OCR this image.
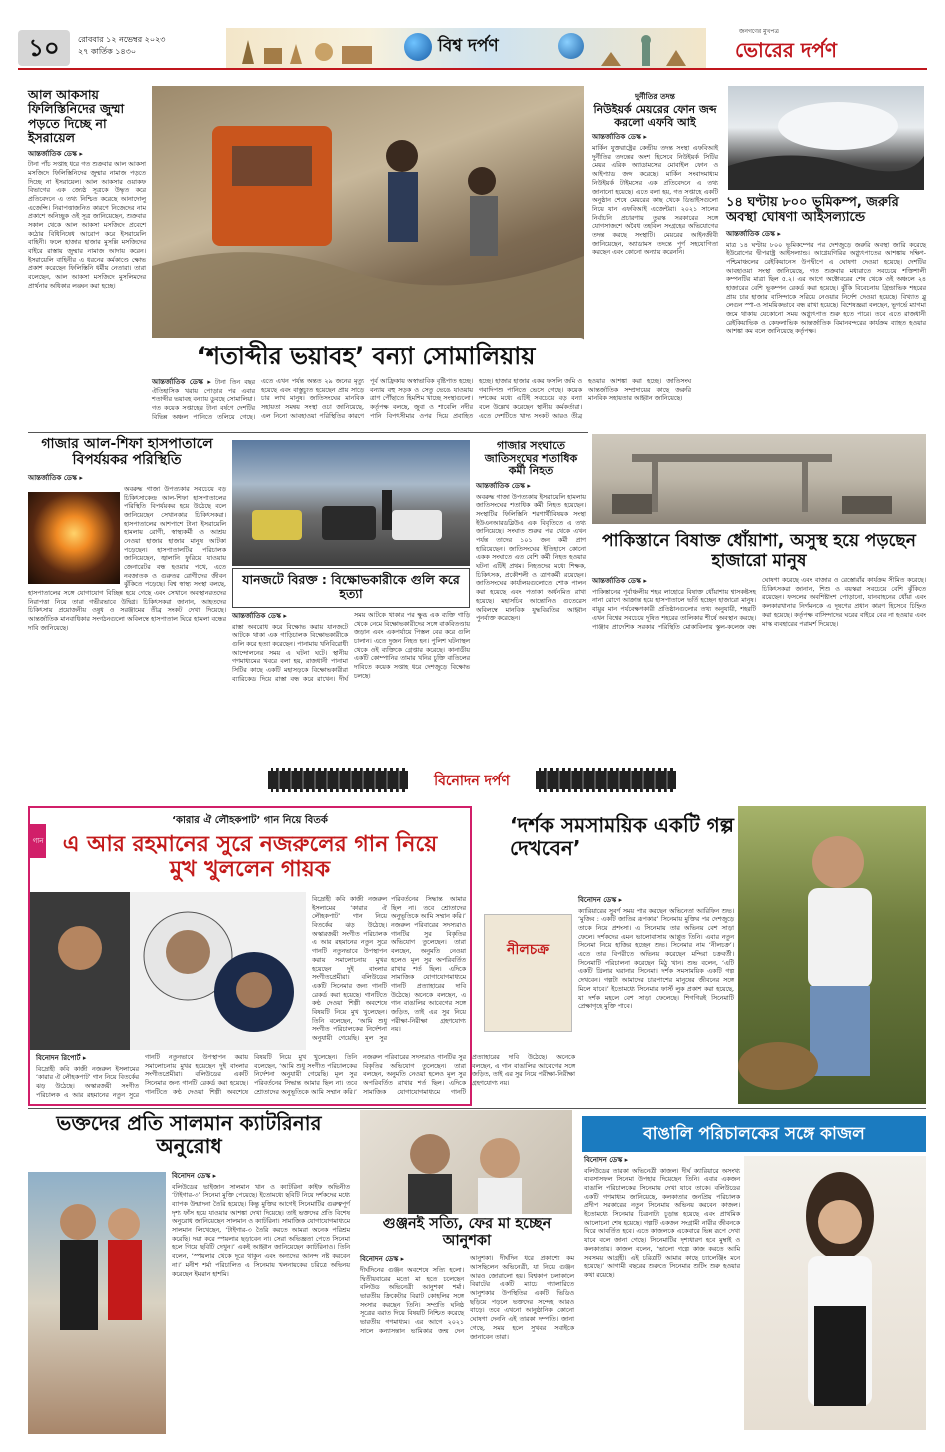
১০	রোববার ১২ নভেম্বর ২০২৩
২৭ কার্তিক ১৪৩০	বিশ্ব দর্পণ
জনগণের মুখপত্র
ভোরের দর্পণ
আল আকসায় ফিলিস্তিনিদের জুম্মা পড়তে দিচ্ছে না ইসরায়েল
আন্তর্জাতিক ডেস্ক ▸
টানা পাঁচ সপ্তাহ ধরে গত শুক্রবার আল আকসা মসজিদে ফিলিস্তিনিদের জুম্মার নামাজ পড়তে দিচ্ছে না ইসরায়েল। আল আকসার ওয়াকফ বিভাগের এক জ্যেষ্ঠ সূত্রকে উদ্ধৃত করে প্রতিবেদনে এ তথ্য নিশ্চিত করেছে আনাদোলু এজেন্সি। নিরাপত্তাজনিত কারণে নিজেদের নাম প্রকাশে অনিচ্ছুক ওই সূত্র জানিয়েছেন, শুক্রবার সকাল থেকে আল আকসা মসজিদে প্রবেশে কঠোর বিধিনিষেধ আরোপ করে ইসরায়েলি বাহিনী। ফলে হাজার হাজার মুসল্লি মসজিদের বাইরে রাস্তায় জুম্মার নামাজ আদায় করেন। ইসরায়েলি বাহিনীর এ ধরনের কর্মকাণ্ডে ক্ষোভ প্রকাশ করেছেন ফিলিস্তিনি ধর্মীয় নেতারা। তারা বলেছেন, আল আকসা মসজিদে মুসলিমদের প্রার্থনার অধিকার লঙ্ঘন করা হচ্ছে।
দুর্নীতির তদন্ত
নিউইয়র্ক মেয়রের ফোন জব্দ করলো এফবি আই
আন্তর্জাতিক ডেস্ক ▸
মার্কিন যুক্তরাষ্ট্রের কেন্দ্রীয় তদন্ত সংস্থা এফবিআই দুর্নীতির তদন্তের অংশ হিসেবে নিউইয়র্ক সিটির মেয়র এরিক অ্যাডামসের মোবাইল ফোন ও আইপ্যাড জব্দ করেছে। মার্কিন সংবাদমাধ্যম নিউইয়র্ক টাইমসের এক প্রতিবেদনে এ তথ্য জানানো হয়েছে। এতে বলা হয়, গত সপ্তাহে একটি অনুষ্ঠান শেষে মেয়রের কাছ থেকে ডিভাইসগুলো নিয়ে যান এফবিআই এজেন্টরা। ২০২১ সালের নির্বাচনি প্রচারণায় তুরস্ক সরকারের সঙ্গে যোগসাজশে অবৈধ তহবিল সংগ্রহের অভিযোগের তদন্ত করছে সংস্থাটি। মেয়রের আইনজীবী জানিয়েছেন, অ্যাডামস তদন্তে পূর্ণ সহযোগিতা করছেন এবং কোনো অন্যায় করেননি।
১৪ ঘণ্টায় ৮০০ ভূমিকম্প, জরুরি অবস্থা ঘোষণা আইসল্যান্ডে
আন্তর্জাতিক ডেস্ক ▸
মাত্র ১৪ ঘণ্টায় ৮০০ ভূমিকম্পের পর দেশজুড়ে জরুরি অবস্থা জারি করেছে ইউরোপের দ্বীপরাষ্ট্র আইসল্যান্ড। আগ্নেয়গিরির অগ্ন্যুৎপাতের আশঙ্কায় দক্ষিণ-পশ্চিমাঞ্চলের রেইকিয়ানেস উপদ্বীপে এ ঘোষণা দেওয়া হয়েছে। দেশটির আবহাওয়া সংস্থা জানিয়েছে, গত শুক্রবার মধ্যরাতে সবচেয়ে শক্তিশালী কম্পনটির মাত্রা ছিল ৫.২। এর আগে অক্টোবরের শেষ থেকে ওই অঞ্চলে ২৪ হাজারের বেশি ভূকম্পন রেকর্ড করা হয়েছে। ঝুঁকি বিবেচনায় গ্রিন্ডাভিক শহরের প্রায় চার হাজার বাসিন্দাকে সরিয়ে নেওয়ার নির্দেশ দেওয়া হয়েছে। বিখ্যাত ব্লু লেগুন স্পা-ও সাময়িকভাবে বন্ধ রাখা হয়েছে। বিশেষজ্ঞরা বলছেন, ভূগর্ভে ম্যাগমা জমে থাকায় যেকোনো সময় অগ্ন্যুৎপাত শুরু হতে পারে। তবে এতে রাজধানী রেইকিয়াভিক ও কেফলাভিক আন্তর্জাতিক বিমানবন্দরের কার্যক্রম ব্যাহত হওয়ার আশঙ্কা কম বলে জানিয়েছে কর্তৃপক্ষ।
‘শতাব্দীর ভয়াবহ’ বন্যা সোমালিয়ায়
আন্তর্জাতিক ডেস্ক ▸ টানা তিন বছর ঐতিহাসিক খরায় পোড়ার পর এবার শতাব্দীর ভয়াবহ বন্যায় ডুবছে সোমালিয়া। গত কয়েক সপ্তাহের টানা বর্ষণে দেশটির বিভিন্ন অঞ্চল পানিতে তলিয়ে গেছে। এতে এখন পর্যন্ত অন্তত ২৯ জনের মৃত্যু হয়েছে এবং বাস্তুচ্যুত হয়েছেন প্রায় সাড়ে চার লাখ মানুষ। জাতিসংঘের মানবিক সহায়তা সমন্বয় সংস্থা ওচা জানিয়েছে, এল নিনো আবহাওয়া পরিস্থিতির কারণে পূর্ব আফ্রিকায় অস্বাভাবিক বৃষ্টিপাত হচ্ছে। বন্যায় বহু সড়ক ও সেতু ভেঙে যাওয়ায় ত্রাণ পৌঁছাতে হিমশিম খাচ্ছে সংস্থাগুলো। কর্তৃপক্ষ বলছে, জুবা ও শাবেলি নদীর পানি বিপৎসীমার ওপর দিয়ে প্রবাহিত হচ্ছে। হাজার হাজার একর ফসলি জমি ও গবাদিপশু পানিতে ভেসে গেছে। কয়েক দশকের মধ্যে এটিই সবচেয়ে বড় বন্যা বলে উল্লেখ করেছেন স্থানীয় কর্মকর্তারা। এতে দেশটিতে খাদ্য সংকট আরও তীব্র হওয়ার আশঙ্কা করা হচ্ছে। জাতিসংঘ আন্তর্জাতিক সম্প্রদায়ের কাছে জরুরি মানবিক সহায়তার আহ্বান জানিয়েছে।
গাজার আল-শিফা হাসপাতালে বিপর্যয়কর পরিস্থিতি
আন্তর্জাতিক ডেস্ক ▸
অবরুদ্ধ গাজা উপত্যকার সবচেয়ে বড় চিকিৎসাকেন্দ্র আল-শিফা হাসপাতালের পরিস্থিতি বিপর্যয়কর হয়ে উঠেছে বলে জানিয়েছেন সেখানকার চিকিৎসকরা। হাসপাতালের আশপাশে টানা ইসরায়েলি হামলায় রোগী, স্বাস্থ্যকর্মী ও আশ্রয় নেওয়া হাজার হাজার মানুষ আটকা পড়েছেন। হাসপাতালটির পরিচালক জানিয়েছেন, জ্বালানি ফুরিয়ে যাওয়ায় জেনারেটর বন্ধ হওয়ার পথে, এতে নবজাতক ও গুরুতর রোগীদের জীবন ঝুঁকিতে পড়েছে। বিশ্ব স্বাস্থ্য সংস্থা বলছে, হাসপাতালের সঙ্গে যোগাযোগ বিচ্ছিন্ন হয়ে গেছে এবং সেখানে অবস্থানরতদের নিরাপত্তা নিয়ে তারা গভীরভাবে উদ্বিগ্ন। চিকিৎসকরা জানান, আহতদের চিকিৎসায় প্রয়োজনীয় ওষুধ ও সরঞ্জামের তীব্র সংকট দেখা দিয়েছে। আন্তর্জাতিক মানবাধিকার সংগঠনগুলো অবিলম্বে হাসপাতাল ঘিরে হামলা বন্ধের দাবি জানিয়েছে।
যানজটে বিরক্ত : বিক্ষোভকারীকে গুলি করে হত্যা
আন্তর্জাতিক ডেস্ক ▸
রাস্তা অবরোধ করে বিক্ষোভ করায় যানজটে আটকে থাকা এক গাড়িচালক বিক্ষোভকারীকে গুলি করে হত্যা করেছেন। পানামায় খনিবিরোধী আন্দোলনের সময় এ ঘটনা ঘটে। স্থানীয় গণমাধ্যমের খবরে বলা হয়, রাজধানী পানামা সিটির কাছে একটি মহাসড়কে বিক্ষোভকারীরা ব্যারিকেড দিয়ে রাস্তা বন্ধ করে রাখেন। দীর্ঘ সময় আটকে থাকার পর ক্ষুব্ধ এক ব্যক্তি গাড়ি থেকে নেমে বিক্ষোভকারীদের সঙ্গে বাকবিতণ্ডায় জড়ান এবং একপর্যায়ে পিস্তল বের করে গুলি চালান। এতে দুজন নিহত হন। পুলিশ ঘটনাস্থল থেকে ওই ব্যক্তিকে গ্রেপ্তার করেছে। কানাডীয় একটি কোম্পানির তামার খনির চুক্তি বাতিলের দাবিতে কয়েক সপ্তাহ ধরে দেশজুড়ে বিক্ষোভ চলছে।
গাজার সংঘাতে জাতিসংঘের শতাধিক কর্মী নিহত
আন্তর্জাতিক ডেস্ক ▸
অবরুদ্ধ গাজা উপত্যকায় ইসরায়েলি হামলায় জাতিসংঘের শতাধিক কর্মী নিহত হয়েছেন। সংস্থাটির ফিলিস্তিনি শরণার্থীবিষয়ক সংস্থা ইউএনআরডব্লিউএ এক বিবৃতিতে এ তথ্য জানিয়েছে। সংঘাত শুরুর পর থেকে এখন পর্যন্ত তাদের ১০১ জন কর্মী প্রাণ হারিয়েছেন। জাতিসংঘের ইতিহাসে কোনো একক সংঘাতে এত বেশি কর্মী নিহত হওয়ার ঘটনা এটিই প্রথম। নিহতদের মধ্যে শিক্ষক, চিকিৎসক, প্রকৌশলী ও ত্রাণকর্মী রয়েছেন। জাতিসংঘের কার্যালয়গুলোতে শোক পালন করা হয়েছে এবং পতাকা অর্ধনমিত রাখা হয়েছে। মহাসচিব আন্তোনিও গুতেরেস অবিলম্বে মানবিক যুদ্ধবিরতির আহ্বান পুনর্ব্যক্ত করেছেন।
পাকিস্তানে বিষাক্ত ধোঁয়াশা, অসুস্থ হয়ে পড়ছেন হাজারো মানুষ
আন্তর্জাতিক ডেস্ক ▸
পাকিস্তানের পূর্বাঞ্চলীয় শহর লাহোরে বিষাক্ত ধোঁয়াশায় শ্বাসকষ্টসহ নানা রোগে আক্রান্ত হয়ে হাসপাতালে ভর্তি হচ্ছেন হাজারো মানুষ। বায়ুর মান পর্যবেক্ষণকারী প্রতিষ্ঠানগুলোর তথ্য অনুযায়ী, শহরটি এখন বিশ্বের সবচেয়ে দূষিত শহরের তালিকার শীর্ষে অবস্থান করছে। পাঞ্জাব প্রাদেশিক সরকার পরিস্থিতি মোকাবিলায় স্কুল-কলেজ বন্ধ ঘোষণা করেছে এবং বাজার ও রেস্তোরাঁর কার্যক্রম সীমিত করেছে। চিকিৎসকরা জানান, শিশু ও বয়স্করা সবচেয়ে বেশি ঝুঁকিতে রয়েছেন। ফসলের অবশিষ্টাংশ পোড়ানো, যানবাহনের ধোঁয়া এবং কলকারখানার নির্গমনকে এ দূষণের প্রধান কারণ হিসেবে চিহ্নিত করা হয়েছে। কর্তৃপক্ষ বাসিন্দাদের ঘরের বাইরে বের না হওয়ার এবং মাস্ক ব্যবহারের পরামর্শ দিয়েছে।
বিনোদন দর্পণ
‘কারার ঐ লৌহকপাট’ গান নিয়ে বিতর্ক
গান এ আর রহমানের সুরে নজরুলের গান নিয়ে মুখ খুললেন গায়ক
বিনোদন রিপোর্ট ▸
বিদ্রোহী কবি কাজী নজরুল ইসলামের ‘কারার ঐ লৌহকপাট’ গান নিয়ে বিতর্কের ঝড় উঠেছে। অস্কারজয়ী সংগীত পরিচালক এ আর রহমানের নতুন সুরে গানটি নতুনভাবে উপস্থাপন করায় সমালোচনায় মুখর হয়েছেন দুই বাংলার সংগীতপ্রেমীরা। বলিউডের একটি সিনেমার জন্য গানটি রেকর্ড করা হয়েছে। গানটিতে কণ্ঠ দেওয়া শিল্পী অবশেষে বিষয়টি নিয়ে মুখ খুলেছেন। তিনি বলেছেন, ‘আমি শুধু সংগীত পরিচালকের নির্দেশনা অনুযায়ী গেয়েছি। মূল সুর পরিবর্তনের সিদ্ধান্ত আমার ছিল না। তবে শ্রোতাদের অনুভূতিকে আমি সম্মান করি।’ নজরুল পরিবারের সদস্যরাও গানটির সুর বিকৃতির অভিযোগ তুলেছেন। তারা বলছেন, অনুমতি নেওয়া হলেও মূল সুর অপরিবর্তিত রাখার শর্ত ছিল। এদিকে সামাজিক যোগাযোগমাধ্যমে গানটি প্রত্যাহারের দাবি উঠেছে। অনেকে বলছেন, এ গান বাঙালির আবেগের সঙ্গে জড়িত, তাই এর সুর নিয়ে পরীক্ষা-নিরীক্ষা গ্রহণযোগ্য নয়।
বিদ্রোহী কবি কাজী নজরুল ইসলামের ‘কারার ঐ লৌহকপাট’ গান নিয়ে বিতর্কের ঝড় উঠেছে। অস্কারজয়ী সংগীত পরিচালক এ আর রহমানের নতুন সুরে গানটি নতুনভাবে উপস্থাপন করায় সমালোচনায় মুখর হয়েছেন দুই বাংলার সংগীতপ্রেমীরা। বলিউডের একটি সিনেমার জন্য গানটি রেকর্ড করা হয়েছে। গানটিতে কণ্ঠ দেওয়া শিল্পী অবশেষে বিষয়টি নিয়ে মুখ খুলেছেন। তিনি বলেছেন, ‘আমি শুধু সংগীত পরিচালকের নির্দেশনা অনুযায়ী গেয়েছি। মূল সুর পরিবর্তনের সিদ্ধান্ত আমার ছিল না। তবে শ্রোতাদের অনুভূতিকে আমি সম্মান করি।’ নজরুল পরিবারের সদস্যরাও গানটির সুর বিকৃতির অভিযোগ তুলেছেন। তারা বলছেন, অনুমতি নেওয়া হলেও মূল সুর অপরিবর্তিত রাখার শর্ত ছিল। এদিকে সামাজিক যোগাযোগমাধ্যমে গানটি প্রত্যাহারের দাবি উঠেছে। অনেকে বলছেন, এ গান বাঙালির আবেগের সঙ্গে জড়িত, তাই এর সুর নিয়ে পরীক্ষা-নিরীক্ষা গ্রহণযোগ্য নয়।
‘দর্শক সমসাময়িক একটি গল্প দেখবেন’
নীলচক্র
বিনোদন ডেস্ক ▸
ক্যারিয়ারের সুবর্ণ সময় পার করছেন অভিনেতা আরিফিন শুভ। ‘মুজিব : একটি জাতির রূপকার’ সিনেমায় মুক্তির পর দেশজুড়ে তাকে নিয়ে প্রশংসা। এ সিনেমায় তার অভিনয় বেশ সাড়া ফেলে। দর্শকদের এমন ভালোবাসায় আপ্লুত তিনি। এবার নতুন সিনেমা নিয়ে হাজির হচ্ছেন শুভ। সিনেমার নাম ‘নীলচক্র’। এতে তার বিপরীতে অভিনয় করেছেন মন্দিরা চক্রবর্তী। সিনেমাটি পরিচালনা করেছেন মিঠু খান। শুভ বলেন, ‘এটি একটি থ্রিলার ঘরানার সিনেমা। দর্শক সমসাময়িক একটি গল্প দেখবেন। গল্পটা আমাদের চারপাশের মানুষের জীবনের সঙ্গে মিলে যাবে।’ ইতোমধ্যে সিনেমার ফার্স্ট লুক প্রকাশ করা হয়েছে, যা দর্শক মহলে বেশ সাড়া ফেলেছে। শিগগিরই সিনেমাটি প্রেক্ষাগৃহে মুক্তি পাবে।
ভক্তদের প্রতি সালমান ক্যাটরিনার অনুরোধ
বিনোদন ডেস্ক ▸
বলিউডের ভাইজান সালমান খান ও ক্যাটরিনা কাইফ অভিনীত ‘টাইগার-৩’ সিনেমা মুক্তি পেয়েছে। ইতোমধ্যে ছবিটি নিয়ে দর্শকদের মধ্যে ব্যাপক উন্মাদনা তৈরি হয়েছে। কিন্তু মুক্তির আগেই সিনেমাটির গুরুত্বপূর্ণ দৃশ্য ফাঁস হয়ে যাওয়ার আশঙ্কা দেখা দিয়েছে। তাই ভক্তদের প্রতি বিশেষ অনুরোধ জানিয়েছেন সালমান ও ক্যাটরিনা। সামাজিক যোগাযোগমাধ্যমে সালমান লিখেছেন, ‘টাইগার-৩ তৈরি করতে আমরা অনেক পরিশ্রম করেছি। দয়া করে স্পয়লার ছড়াবেন না। সেরা অভিজ্ঞতা পেতে সিনেমা হলে গিয়ে ছবিটি দেখুন।’ একই আহ্বান জানিয়েছেন ক্যাটরিনাও। তিনি বলেন, ‘স্পয়লার থেকে দূরে থাকুন এবং অন্যদের আনন্দ নষ্ট করবেন না।’ মনীশ শর্মা পরিচালিত এ সিনেমায় খলনায়কের চরিত্রে অভিনয় করেছেন ইমরান হাশমি।
গুঞ্জনই সত্যি, ফের মা হচ্ছেন আনুশকা
বিনোদন ডেস্ক ▸
দীর্ঘদিনের গুঞ্জন অবশেষে সত্যি হলো। দ্বিতীয়বারের মতো মা হতে চলেছেন বলিউড অভিনেত্রী আনুশকা শর্মা। ভারতীয় ক্রিকেটার বিরাট কোহলির সঙ্গে সংসার করছেন তিনি। সম্প্রতি ঘনিষ্ঠ সূত্রের বরাত দিয়ে বিষয়টি নিশ্চিত করেছে ভারতীয় গণমাধ্যম। এর আগে ২০২১ সালে কন্যাসন্তান ভামিকার জন্ম দেন আনুশকা। দীর্ঘদিন ধরে প্রকাশ্যে কম আসছিলেন অভিনেত্রী, যা নিয়ে গুঞ্জন আরও জোরালো হয়। বিশ্বকাপ চলাকালে বিরাটের একটি ম্যাচে গ্যালারিতে আনুশকার উপস্থিতির একটি ভিডিও ছড়িয়ে পড়লে ভক্তদের সন্দেহ আরও বাড়ে। তবে এখনো আনুষ্ঠানিক কোনো ঘোষণা দেননি এই তারকা দম্পতি। জানা গেছে, সময় হলে সুখবর সবাইকে জানাবেন তারা।
বাঙালি পরিচালকের সঙ্গে কাজল
বিনোদন ডেস্ক ▸
বলিউডের তারকা অভিনেত্রী কাজল। দীর্ঘ ক্যারিয়ারে অসংখ্য ব্যবসাসফল সিনেমা উপহার দিয়েছেন তিনি। এবার একজন বাঙালি পরিচালকের সিনেমায় দেখা যাবে তাকে। বলিউডের একটি গণমাধ্যম জানিয়েছে, কলকাতার জনপ্রিয় পরিচালক প্রদীপ সরকারের নতুন সিনেমায় অভিনয় করবেন কাজল। ইতোমধ্যে সিনেমার চিত্রনাট্য চূড়ান্ত হয়েছে এবং প্রাথমিক আলোচনা শেষ হয়েছে। গল্পটি একজন সংগ্রামী নারীর জীবনকে ঘিরে আবর্তিত হবে। এতে কাজলকে একেবারে ভিন্ন রূপে দেখা যাবে বলে জানা গেছে। সিনেমাটির দৃশ্যধারণ হবে মুম্বাই ও কলকাতায়। কাজল বলেন, ‘ভালো গল্পে কাজ করতে আমি সবসময় আগ্রহী। এই চরিত্রটি আমার কাছে চ্যালেঞ্জিং মনে হয়েছে।’ আগামী বছরের শুরুতে সিনেমার শুটিং শুরু হওয়ার কথা রয়েছে।
